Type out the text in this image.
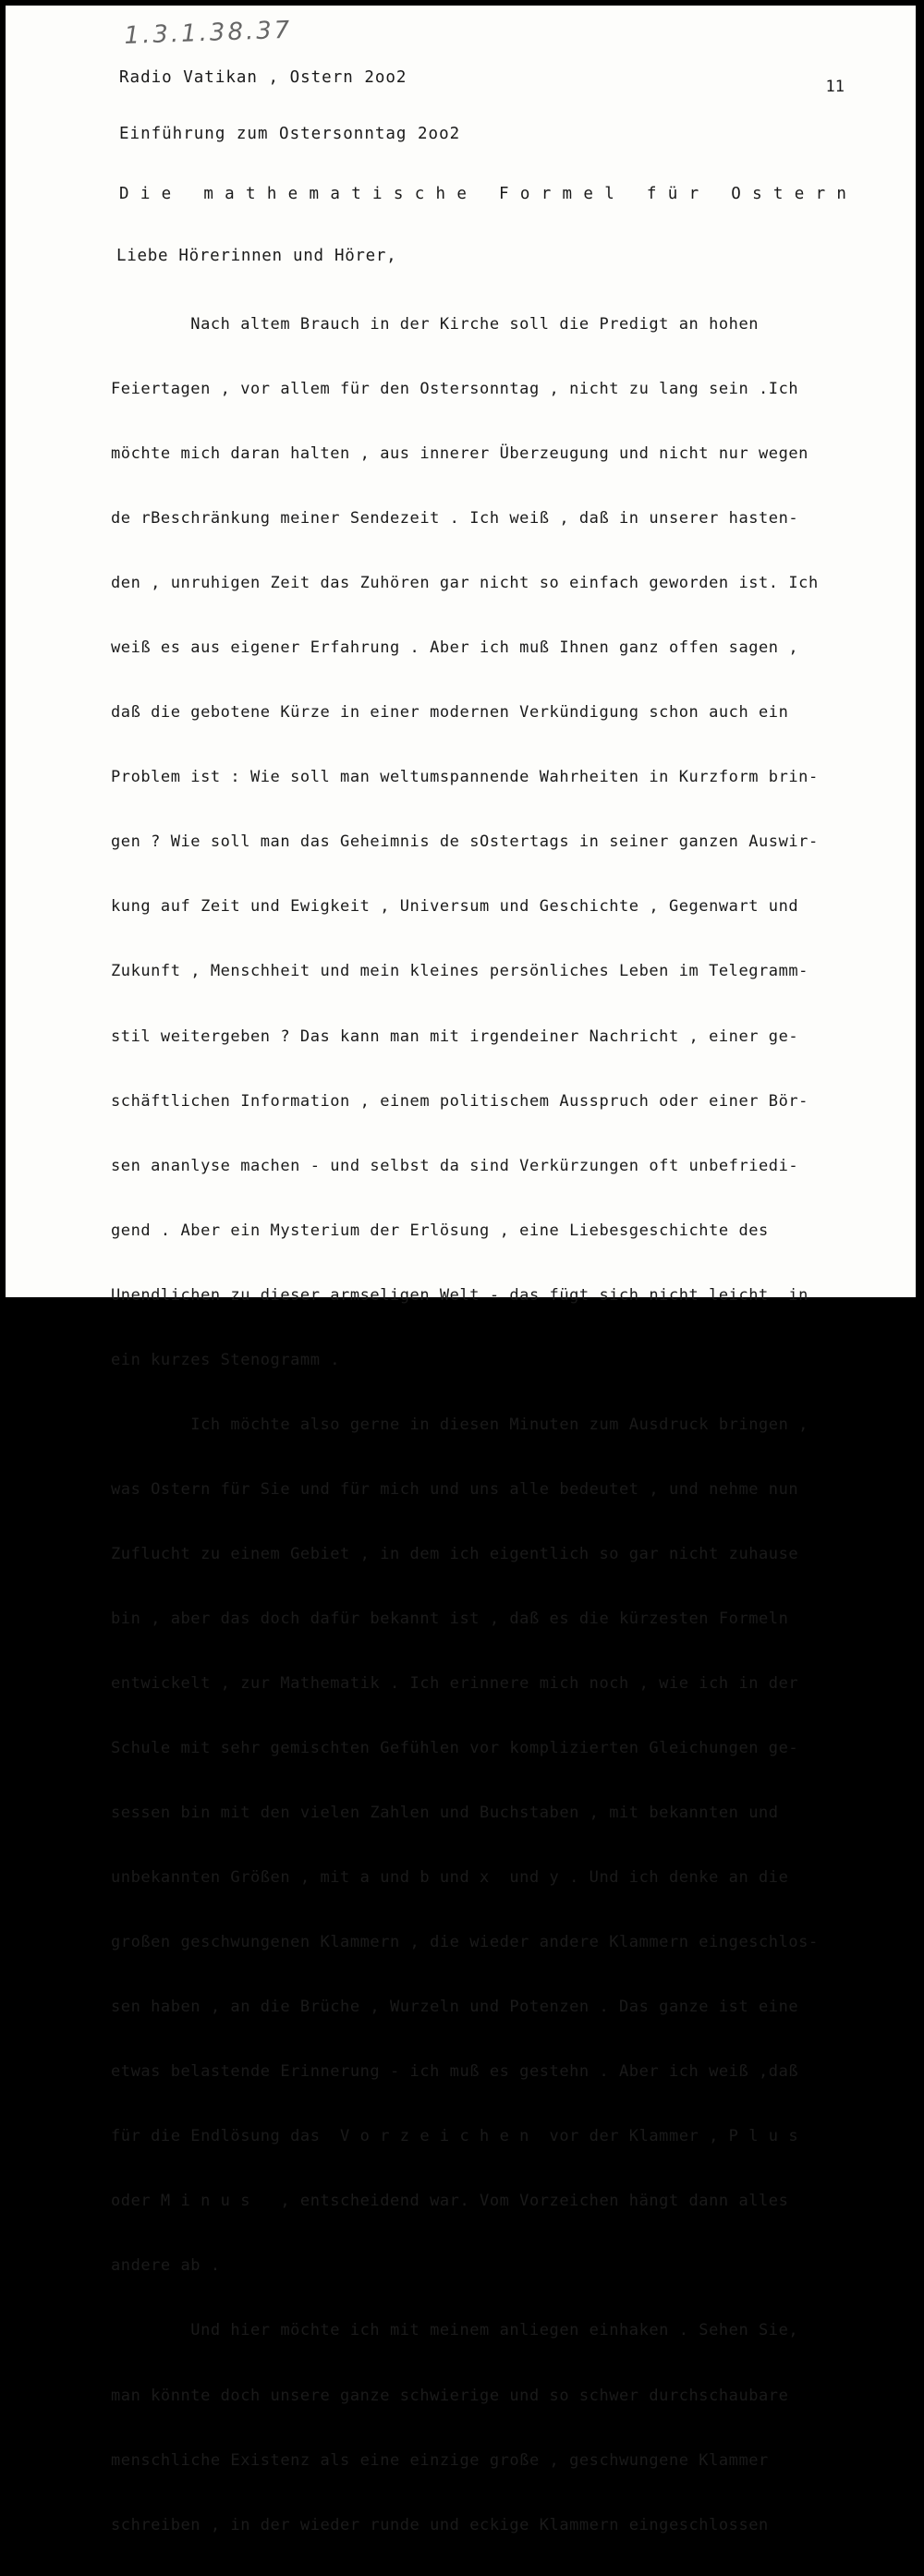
1.3.1.38.37
Radio Vatikan , Ostern 2oo2	11
Einführung zum Ostersonntag 2oo2
Die mathematische Formel für Ostern
Liebe Hörerinnen und Hörer,

Nach altem Brauch in der Kirche soll die Predigt an hohen

Feiertagen , vor allem für den Ostersonntag , nicht zu lang sein .Ich

möchte mich daran halten , aus innerer Überzeugung und nicht nur wegen

de rBeschränkung meiner Sendezeit . Ich weiß , daß in unserer hasten-

den , unruhigen Zeit das Zuhören gar nicht so einfach geworden ist. Ich

weiß es aus eigener Erfahrung . Aber ich muß Ihnen ganz offen sagen ,

daß die gebotene Kürze in einer modernen Verkündigung schon auch ein

Problem ist : Wie soll man weltumspannende Wahrheiten in Kurzform brin-

gen ? Wie soll man das Geheimnis de sOstertags in seiner ganzen Auswir-

kung auf Zeit und Ewigkeit , Universum und Geschichte , Gegenwart und

Zukunft , Menschheit und mein kleines persönliches Leben im Telegramm-

stil weitergeben ? Das kann man mit irgendeiner Nachricht , einer ge-

schäftlichen Information , einem politischem Ausspruch oder einer Bör-

sen ananlyse machen - und selbst da sind Verkürzungen oft unbefriedi-

gend . Aber ein Mysterium der Erlösung , eine Liebesgeschichte des

Unendlichen zu dieser armseligen Welt - das fügt sich nicht leicht  in

ein kurzes Stenogramm .

Ich möchte also gerne in diesen Minuten zum Ausdruck bringen ,

was Ostern für Sie und für mich und uns alle bedeutet , und nehme nun

Zuflucht zu einem Gebiet , in dem ich eigentlich so gar nicht zuhause

bin , aber das doch dafür bekannt ist , daß es die kürzesten Formeln

entwickelt , zur Mathematik . Ich erinnere mich noch , wie ich in der

Schule mit sehr gemischten Gefühlen vor komplizierten Gleichungen ge-

sessen bin mit den vielen Zahlen und Buchstaben , mit bekannten und

unbekannten Größen , mit a und b und x  und y . Und ich denke an die

großen geschwungenen Klammern , die wieder andere Klammern eingeschlos-

sen haben , an die Brüche , Wurzeln und Potenzen . Das ganze ist eine

etwas belastende Erinnerung - ich muß es gestehn . Aber ich weiß ,daß

für die Endlösung das  V o r z e i c h e n  vor der Klammer , P l u s

oder M i n u s   , entscheidend war. Vom Vorzeichen hängt dann alles

andere ab .

Und hier möchte ich mit meinem anliegen einhaken . Sehen Sie,

man könnte doch unsere ganze schwierige und so schwer durchschaubare

menschliche Existenz als eine einzige große , geschwungene Klammer

schreiben , in der wieder runde und eckige Klammern eingeschlossen
